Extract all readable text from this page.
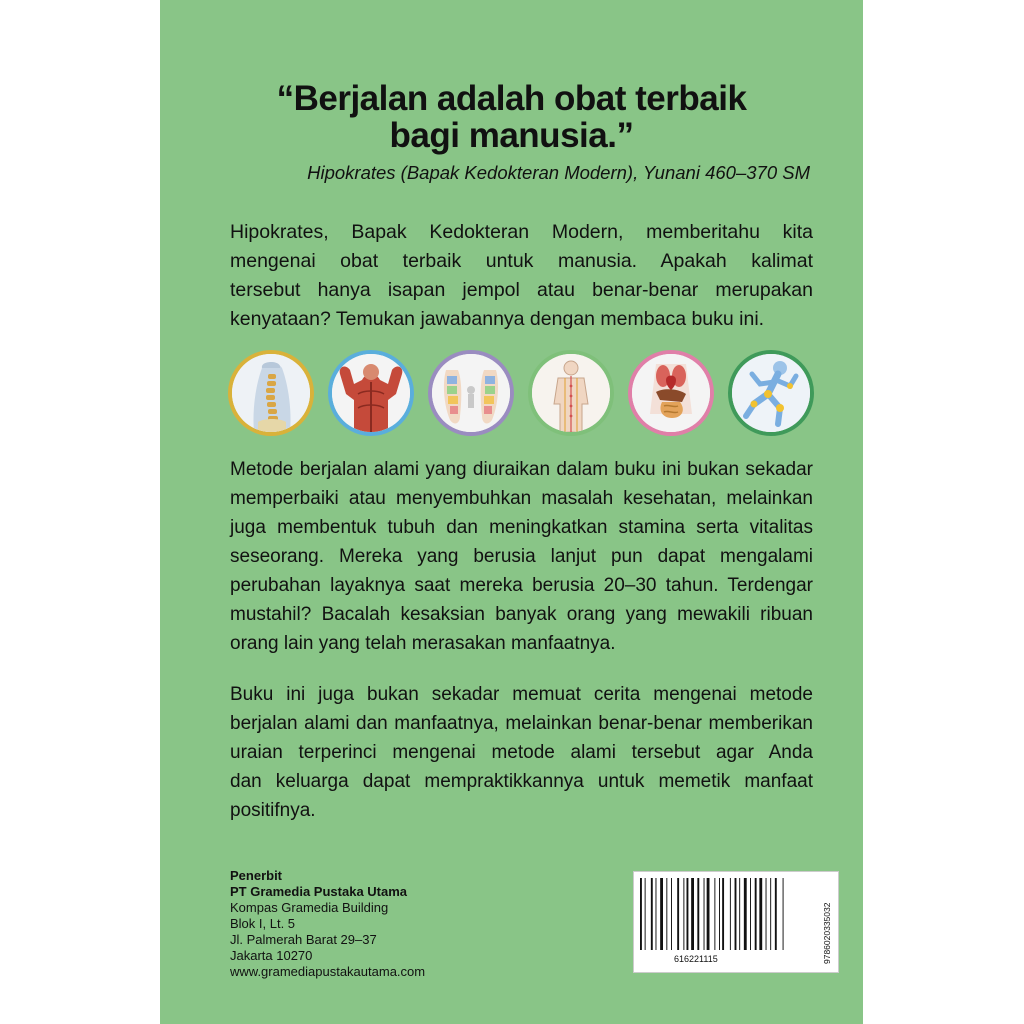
“Berjalan adalah obat terbaik
bagi manusia.”
Hipokrates (Bapak Kedokteran Modern), Yunani 460–370 SM
Hipokrates, Bapak Kedokteran Modern, memberitahu kita
mengenai obat terbaik untuk manusia. Apakah kalimat
tersebut hanya isapan jempol atau benar-benar merupakan
kenyataan? Temukan jawabannya dengan membaca buku ini.
Metode berjalan alami yang diuraikan dalam buku ini bukan sekadar
memperbaiki atau menyembuhkan masalah kesehatan, melainkan
juga membentuk tubuh dan meningkatkan stamina serta vitalitas
seseorang. Mereka yang berusia lanjut pun dapat mengalami
perubahan layaknya saat mereka berusia 20–30 tahun. Terdengar
mustahil? Bacalah kesaksian banyak orang yang mewakili ribuan
orang lain yang telah merasakan manfaatnya.
Buku ini juga bukan sekadar memuat cerita mengenai metode
berjalan alami dan manfaatnya, melainkan benar-benar memberikan
uraian terperinci mengenai metode alami tersebut agar Anda
dan keluarga dapat mempraktikkannya untuk memetik manfaat
positifnya.
Penerbit
PT Gramedia Pustaka Utama
Kompas Gramedia Building
Blok I, Lt. 5
Jl. Palmerah Barat 29–37
Jakarta 10270
www.gramediapustakautama.com
616221115	9786020335032
